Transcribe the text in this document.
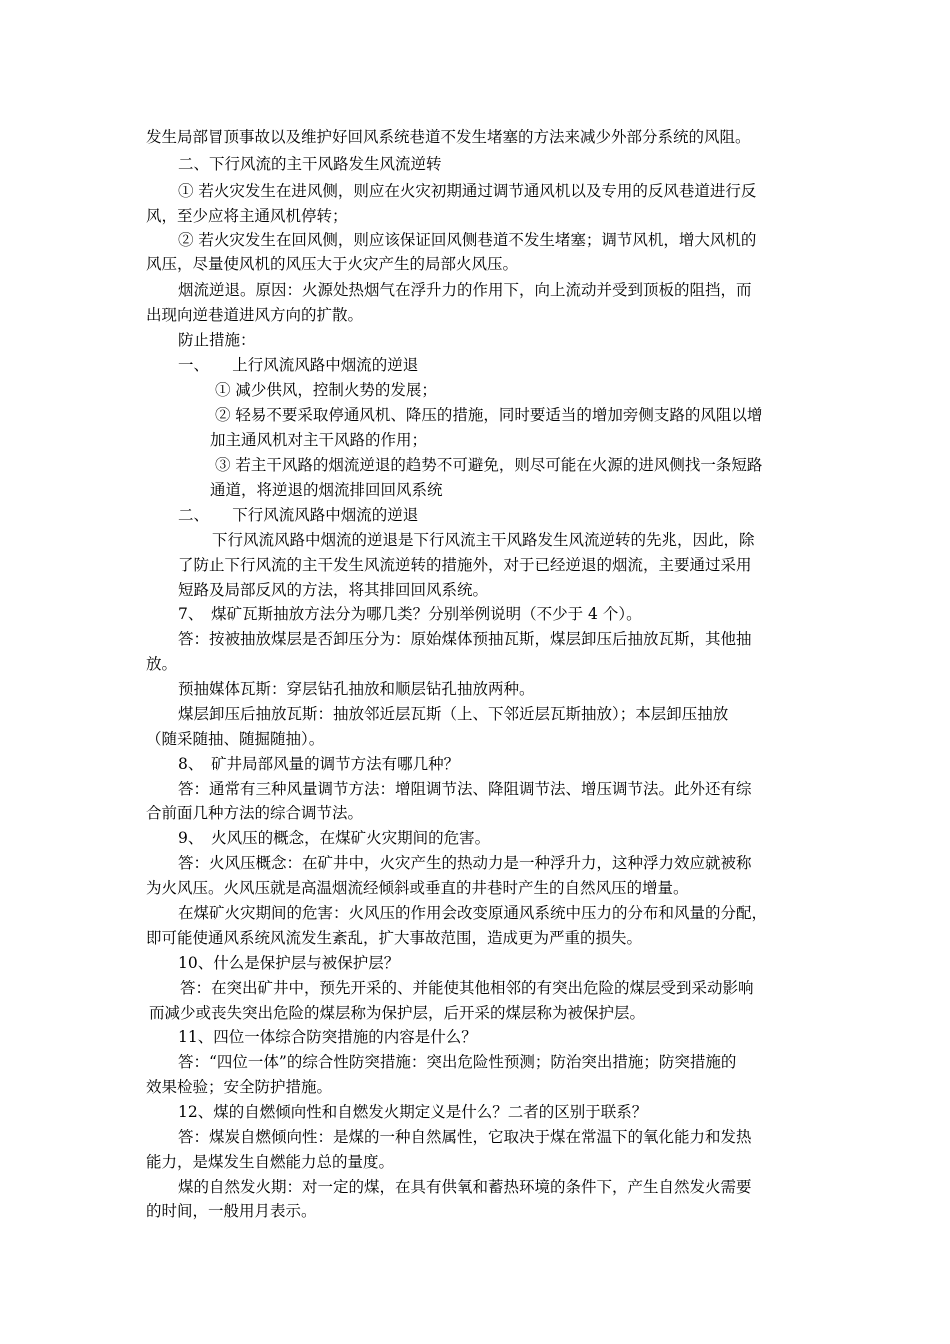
发生局部冒顶事故以及维护好回风系统巷道不发生堵塞的方法来减少外部分系统的风阻。
二、下行风流的主干风路发生风流逆转
① 若火灾发生在进风侧，则应在火灾初期通过调节通风机以及专用的反风巷道进行反
风，至少应将主通风机停转；
② 若火灾发生在回风侧，则应该保证回风侧巷道不发生堵塞；调节风机，增大风机的
风压，尽量使风机的风压大于火灾产生的局部火风压。
烟流逆退。原因：火源处热烟气在浮升力的作用下，向上流动并受到顶板的阻挡，而
出现向逆巷道进风方向的扩散。
防止措施：
一、　　上行风流风路中烟流的逆退
① 减少供风，控制火势的发展；
② 轻易不要采取停通风机、降压的措施，同时要适当的增加旁侧支路的风阻以增
加主通风机对主干风路的作用；
③ 若主干风路的烟流逆退的趋势不可避免，则尽可能在火源的进风侧找一条短路
通道，将逆退的烟流排回回风系统
二、　　下行风流风路中烟流的逆退
下行风流风路中烟流的逆退是下行风流主干风路发生风流逆转的先兆，因此，除
了防止下行风流的主干发生风流逆转的措施外，对于已经逆退的烟流，主要通过采用
短路及局部反风的方法，将其排回回风系统。
7、　煤矿瓦斯抽放方法分为哪几类？分别举例说明（不少于 4 个）。
答：按被抽放煤层是否卸压分为：原始煤体预抽瓦斯，煤层卸压后抽放瓦斯，其他抽
放。
预抽媒体瓦斯：穿层钻孔抽放和顺层钻孔抽放两种。
煤层卸压后抽放瓦斯：抽放邻近层瓦斯（上、下邻近层瓦斯抽放）；本层卸压抽放
（随采随抽、随掘随抽）。
8、　矿井局部风量的调节方法有哪几种？
答：通常有三种风量调节方法：增阻调节法、降阻调节法、增压调节法。此外还有综
合前面几种方法的综合调节法。
9、　火风压的概念，在煤矿火灾期间的危害。
答：火风压概念：在矿井中，火灾产生的热动力是一种浮升力，这种浮力效应就被称
为火风压。火风压就是高温烟流经倾斜或垂直的井巷时产生的自然风压的增量。
在煤矿火灾期间的危害：火风压的作用会改变原通风系统中压力的分布和风量的分配，
即可能使通风系统风流发生紊乱，扩大事故范围，造成更为严重的损失。
10、什么是保护层与被保护层？
答：在突出矿井中，预先开采的、并能使其他相邻的有突出危险的煤层受到采动影响
而减少或丧失突出危险的煤层称为保护层，后开采的煤层称为被保护层。
11、四位一体综合防突措施的内容是什么？
答：“四位一体”的综合性防突措施：突出危险性预测；防治突出措施；防突措施的
效果检验；安全防护措施。
12、煤的自燃倾向性和自燃发火期定义是什么？二者的区别于联系？
答：煤炭自燃倾向性：是煤的一种自然属性，它取决于煤在常温下的氧化能力和发热
能力，是煤发生自燃能力总的量度。
煤的自然发火期：对一定的煤，在具有供氧和蓄热环境的条件下，产生自然发火需要
的时间，一般用月表示。
